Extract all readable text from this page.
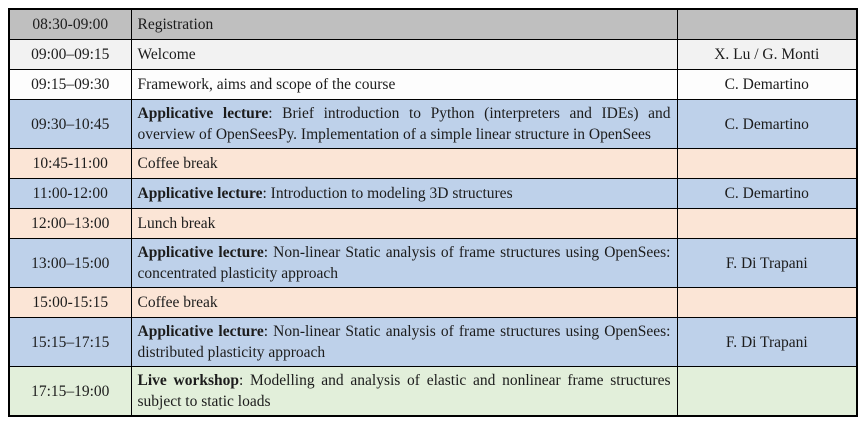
08:30-09:00	Registration	
09:00–09:15	Welcome	X. Lu / G. Monti
09:15–09:30	Framework, aims and scope of the course	C. Demartino
09:30–10:45	Applicative lecture: Brief introduction to Python (interpreters and IDEs) and overview of OpenSeesPy. Implementation of a simple linear structure in OpenSees	C. Demartino
10:45-11:00	Coffee break	
11:00-12:00	Applicative lecture: Introduction to modeling 3D structures	C. Demartino
12:00–13:00	Lunch break	
13:00–15:00	Applicative lecture: Non-linear Static analysis of frame structures using OpenSees: concentrated plasticity approach	F. Di Trapani
15:00-15:15	Coffee break	
15:15–17:15	Applicative lecture: Non-linear Static analysis of frame structures using OpenSees: distributed plasticity approach	F. Di Trapani
17:15–19:00	Live workshop: Modelling and analysis of elastic and nonlinear frame structures subject to static loads	
